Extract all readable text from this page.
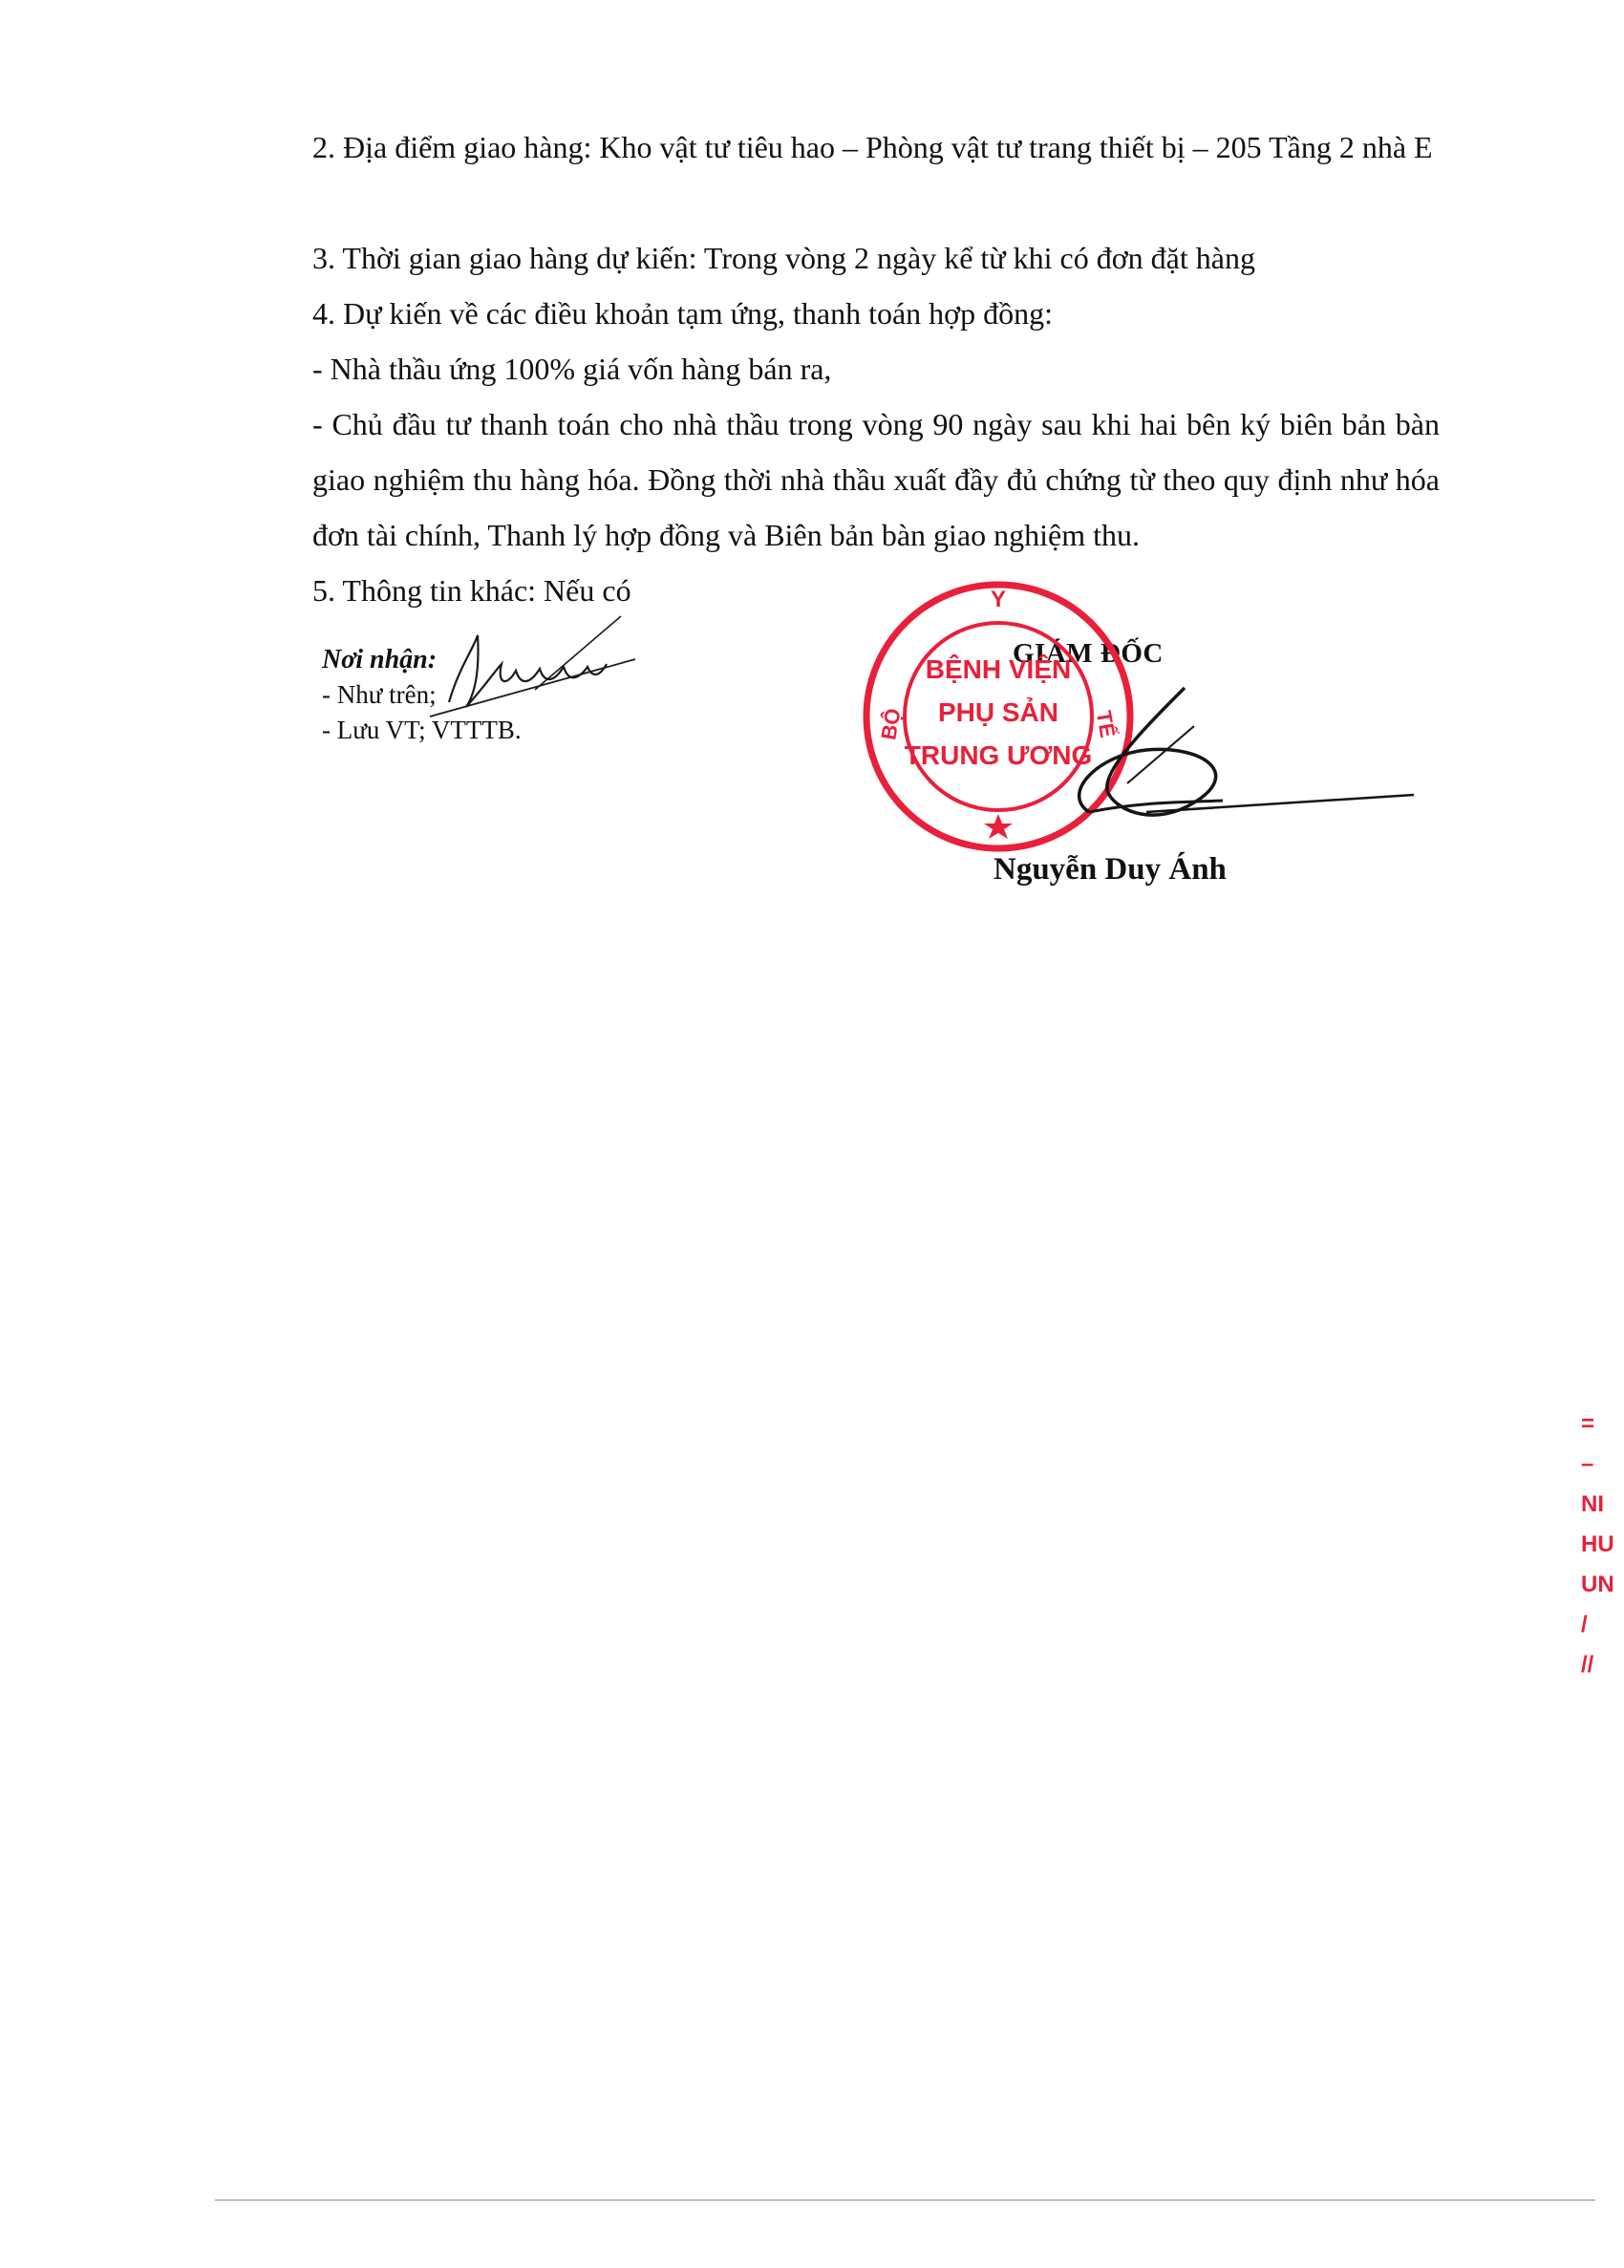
2. Địa điểm giao hàng: Kho vật tư tiêu hao – Phòng vật tư trang thiết bị – 205 Tầng 2 nhà E
3. Thời gian giao hàng dự kiến: Trong vòng 2 ngày kể từ khi có đơn đặt hàng
4. Dự kiến về các điều khoản tạm ứng, thanh toán hợp đồng:
- Nhà thầu ứng 100% giá vốn hàng bán ra,
- Chủ đầu tư thanh toán cho nhà thầu trong vòng 90 ngày sau khi hai bên ký biên bản bàn giao nghiệm thu hàng hóa. Đồng thời nhà thầu xuất đầy đủ chứng từ theo quy định như hóa đơn tài chính, Thanh lý hợp đồng và Biên bản bàn giao nghiệm thu.
5. Thông tin khác: Nếu có
Nơi nhận:
- Như trên;
- Lưu VT; VTTTB.
GIÁM ĐỐC
Y
BỘ	TẾ
BỆNH VIỆN
PHỤ SẢN
TRUNG ƯƠNG
Nguyễn Duy Ánh
=
–
NI
HU
UN
/
//
